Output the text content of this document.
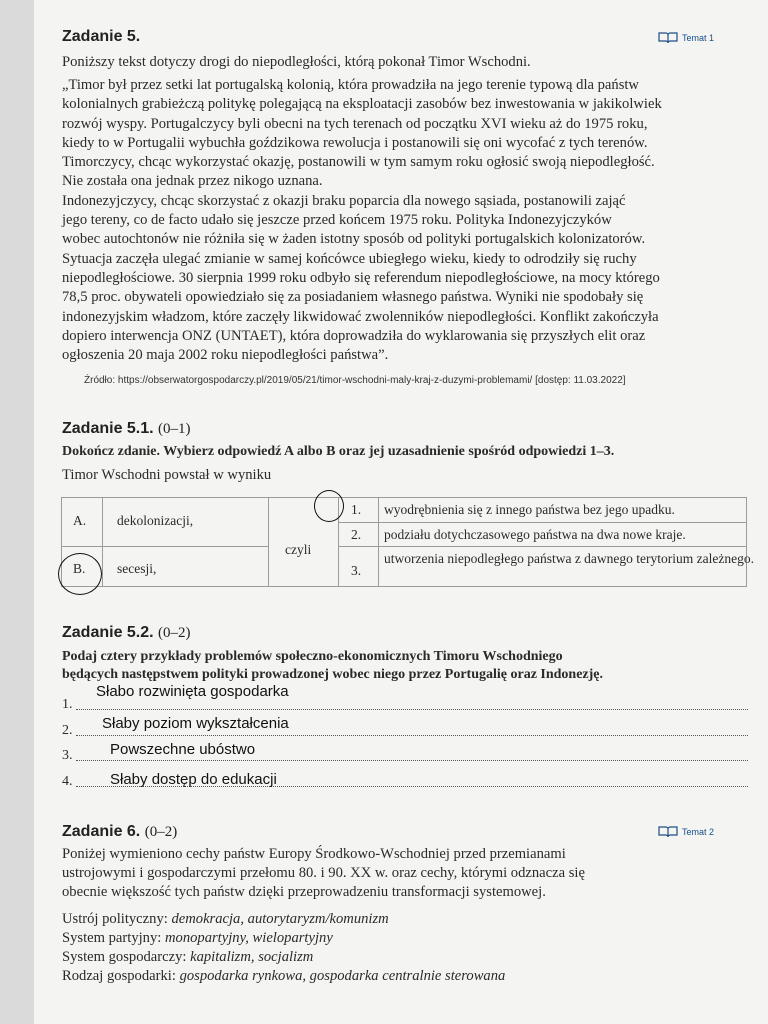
Zadanie 5.	Temat 1
Poniższy tekst dotyczy drogi do niepodległości, którą pokonał Timor Wschodni.
„Timor był przez setki lat portugalską kolonią, która prowadziła na jego terenie typową dla państw
kolonialnych grabieżczą politykę polegającą na eksploatacji zasobów bez inwestowania w jakikolwiek
rozwój wyspy. Portugalczycy byli obecni na tych terenach od początku XVI wieku aż do 1975 roku,
kiedy to w Portugalii wybuchła goździkowa rewolucja i postanowili się oni wycofać z tych terenów.
Timorczycy, chcąc wykorzystać okazję, postanowili w tym samym roku ogłosić swoją niepodległość.
Nie została ona jednak przez nikogo uznana.
Indonezyjczycy, chcąc skorzystać z okazji braku poparcia dla nowego sąsiada, postanowili zająć
jego tereny, co de facto udało się jeszcze przed końcem 1975 roku. Polityka Indonezyjczyków
wobec autochtonów nie różniła się w żaden istotny sposób od polityki portugalskich kolonizatorów.
Sytuacja zaczęła ulegać zmianie w samej końcówce ubiegłego wieku, kiedy to odrodziły się ruchy
niepodległościowe. 30 sierpnia 1999 roku odbyło się referendum niepodległościowe, na mocy którego
78,5 proc. obywateli opowiedziało się za posiadaniem własnego państwa. Wyniki nie spodobały się
indonezyjskim władzom, które zaczęły likwidować zwolenników niepodległości. Konflikt zakończyła
dopiero interwencja ONZ (UNTAET), która doprowadziła do wyklarowania się przyszłych elit oraz
ogłoszenia 20 maja 2002 roku niepodległości państwa”.
Źródło: https://obserwatorgospodarczy.pl/2019/05/21/timor-wschodni-maly-kraj-z-duzymi-problemami/ [dostęp: 11.03.2022]
Zadanie 5.1. (0–1)
Dokończ zdanie. Wybierz odpowiedź A albo B oraz jej uzasadnienie spośród odpowiedzi 1–3.
Timor Wschodni powstał w wyniku
A. dekolonizacji,
B. secesji,
czyli
1. wyodrębnienia się z innego państwa bez jego upadku.
2. podziału dotychczasowego państwa na dwa nowe kraje.
3.
utworzenia niepodległego państwa z dawnego terytorium zależnego.
Zadanie 5.2. (0–2)
Podaj cztery przykłady problemów społeczno-ekonomicznych Timoru Wschodniego
będących następstwem polityki prowadzonej wobec niego przez Portugalię oraz Indonezję.
1.
Słabo rozwinięta gospodarka
2. Słaby poziom wykształcenia
3.	Powszechne ubóstwo
4.	Słaby dostęp do edukacji
Zadanie 6. (0–2)	Temat 2
Poniżej wymieniono cechy państw Europy Środkowo-Wschodniej przed przemianami
ustrojowymi i gospodarczymi przełomu 80. i 90. XX w. oraz cechy, którymi odznacza się
obecnie większość tych państw dzięki przeprowadzeniu transformacji systemowej.
Ustrój polityczny: demokracja, autorytaryzm/komunizm
System partyjny: monopartyjny, wielopartyjny
System gospodarczy: kapitalizm, socjalizm
Rodzaj gospodarki: gospodarka rynkowa, gospodarka centralnie sterowana
